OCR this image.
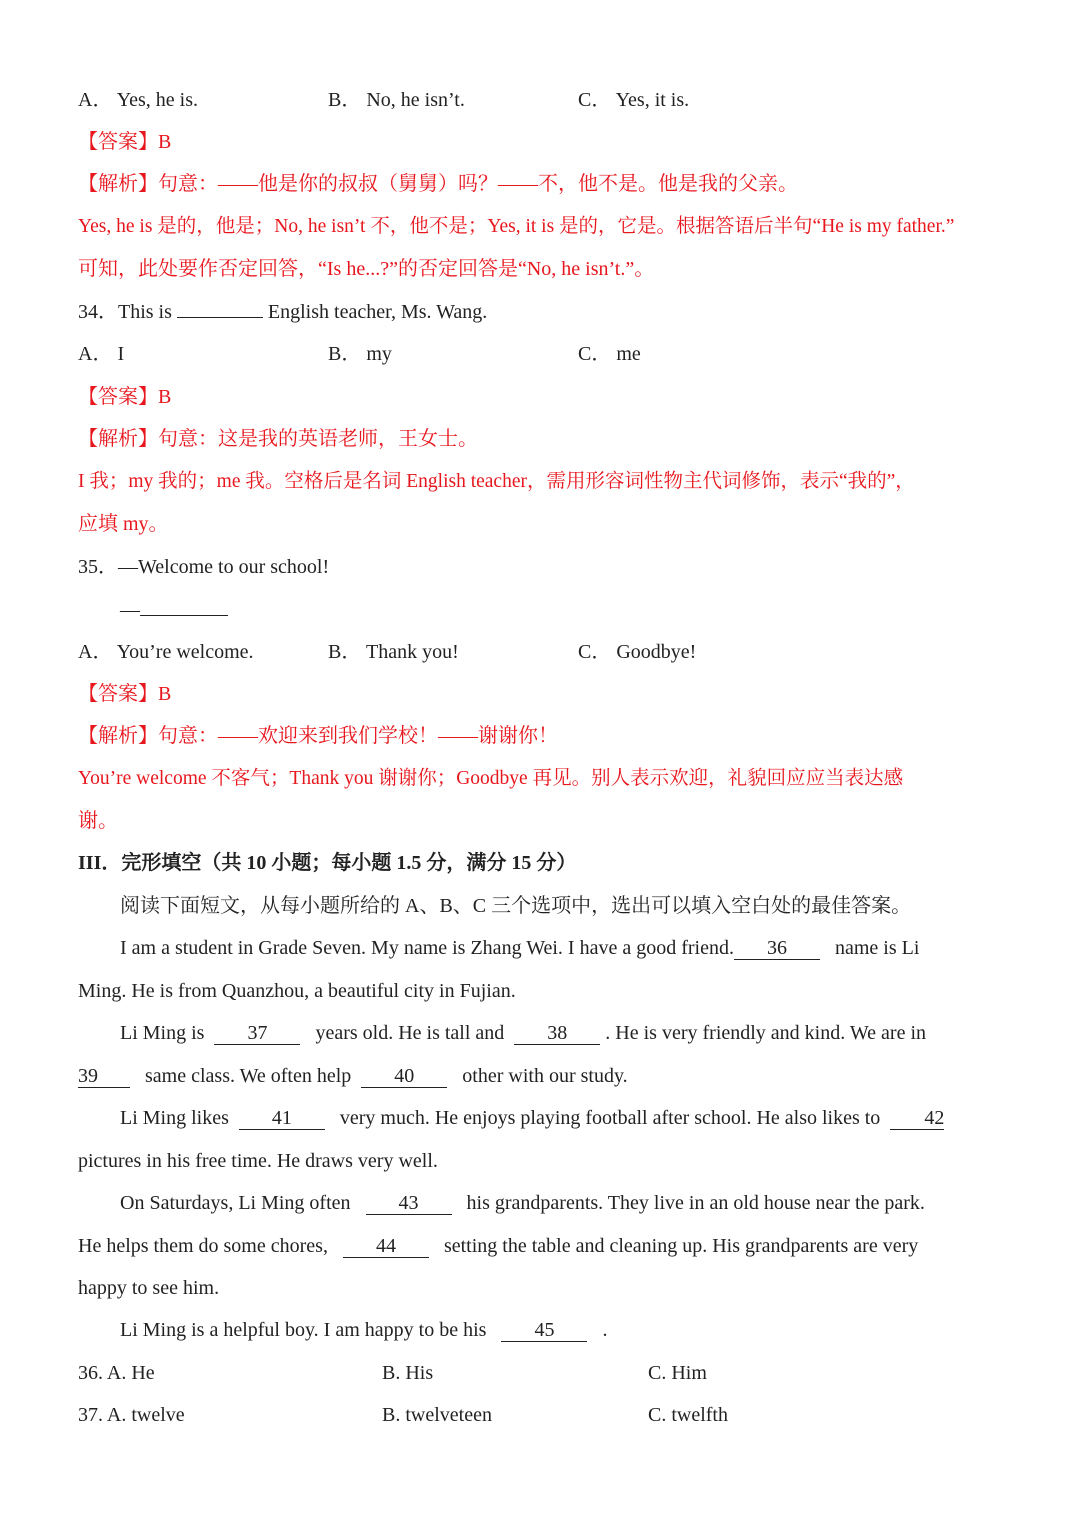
A． Yes, he is.	B． No, he isn’t.	C． Yes, it is.
【答案】B
【解析】句意：——他是你的叔叔（舅舅）吗？——不，他不是。他是我的父亲。
Yes, he is 是的，他是；No, he isn’t 不，他不是；Yes, it is 是的，它是。根据答语后半句“He is my father.”
可知，此处要作否定回答，“Is he...?”的否定回答是“No, he isn’t.”。
34．This is	English teacher, Ms. Wang.
A． I	B． my	C． me
【答案】B
【解析】句意：这是我的英语老师，王女士。
I 我；my 我的；me 我。空格后是名词 English teacher，需用形容词性物主代词修饰，表示“我的”，
应填 my。
35．—Welcome to our school!
—
A． You’re welcome.	B． Thank you!	C． Goodbye!
【答案】B
【解析】句意：——欢迎来到我们学校！——谢谢你！
You’re welcome 不客气；Thank you 谢谢你；Goodbye 再见。别人表示欢迎，礼貌回应应当表达感
谢。
III．完形填空（共 10 小题；每小题 1.5 分，满分 15 分）
阅读下面短文，从每小题所给的 A、B、C 三个选项中，选出可以填入空白处的最佳答案。
I am a student in Grade Seven. My name is Zhang Wei. I have a good friend. 36 name is Li
Ming. He is from Quanzhou, a beautiful city in Fujian.
Li Ming is 37 years old. He is tall and 38 . He is very friendly and kind. We are in
39 same class. We often help 40 other with our study.
Li Ming likes 41 very much. He enjoys playing football after school. He also likes to 42
pictures in his free time. He draws very well.
On Saturdays, Li Ming often 43 his grandparents. They live in an old house near the park.
He helps them do some chores, 44 setting the table and cleaning up. His grandparents are very
happy to see him.
Li Ming is a helpful boy. I am happy to be his 45 .
36. A. He	B. His	C. Him
37. A. twelve	B. twelveteen	C. twelfth
